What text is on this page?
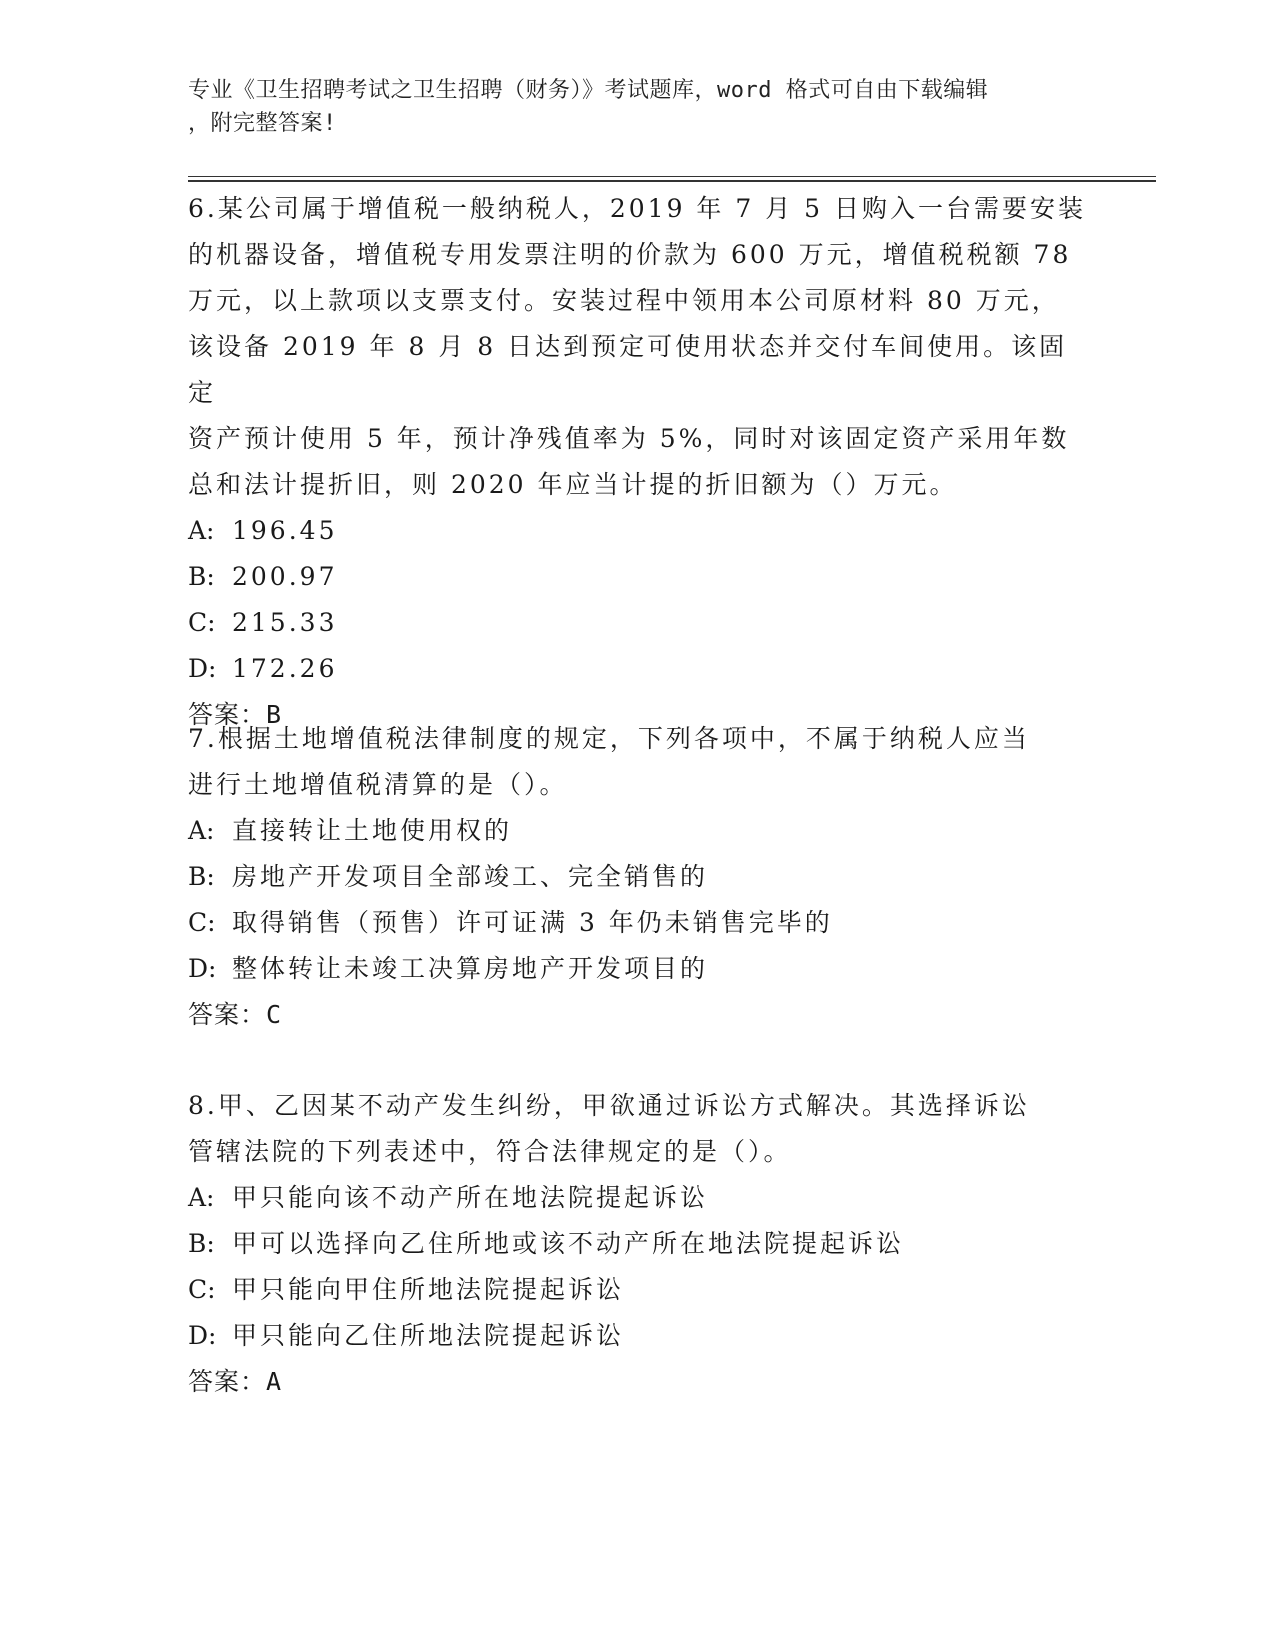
专业《卫生招聘考试之卫生招聘（财务）》考试题库，word 格式可自由下载编辑
，附完整答案!
6.某公司属于增值税一般纳税人，2019 年 7 月 5 日购入一台需要安装
的机器设备，增值税专用发票注明的价款为 600 万元，增值税税额 78
万元，以上款项以支票支付。安装过程中领用本公司原材料 80 万元，
该设备 2019 年 8 月 8 日达到预定可使用状态并交付车间使用。该固定
资产预计使用 5 年，预计净残值率为 5%，同时对该固定资产采用年数
总和法计提折旧，则 2020 年应当计提的折旧额为（）万元。
A: 196.45
B: 200.97
C: 215.33
D: 172.26
答案：B
7.根据土地增值税法律制度的规定，下列各项中，不属于纳税人应当
进行土地增值税清算的是（）。
A: 直接转让土地使用权的
B: 房地产开发项目全部竣工、完全销售的
C: 取得销售（预售）许可证满 3 年仍未销售完毕的
D: 整体转让未竣工决算房地产开发项目的
答案：C
8.甲、乙因某不动产发生纠纷，甲欲通过诉讼方式解决。其选择诉讼
管辖法院的下列表述中，符合法律规定的是（）。
A: 甲只能向该不动产所在地法院提起诉讼
B: 甲可以选择向乙住所地或该不动产所在地法院提起诉讼
C: 甲只能向甲住所地法院提起诉讼
D: 甲只能向乙住所地法院提起诉讼
答案：A
